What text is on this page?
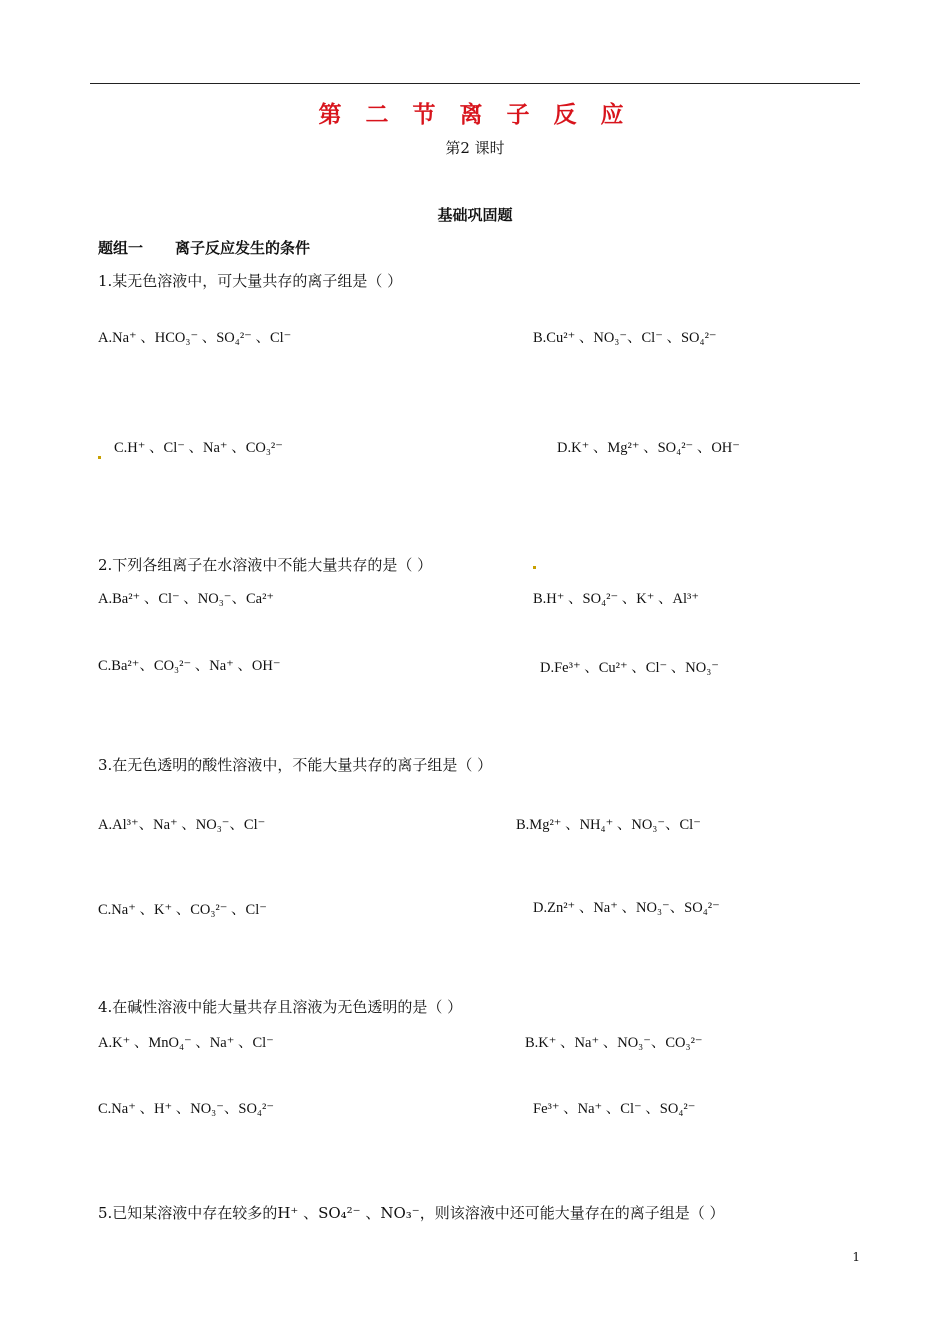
第 二 节 离 子 反 应
第2 课时
基础巩固题
题组一 离子反应发生的条件
1.某无色溶液中，可大量共存的离子组是（ ）
A.Na⁺ 、HCO₃⁻ 、SO₄²⁻ 、Cl⁻	B.Cu²⁺ 、NO₃⁻、Cl⁻ 、SO₄²⁻
C.H⁺ 、Cl⁻ 、Na⁺ 、CO₃²⁻	D.K⁺ 、Mg²⁺ 、SO₄²⁻ 、OH⁻
2.下列各组离子在水溶液中不能大量共存的是（ ）
A.Ba²⁺ 、Cl⁻ 、NO₃⁻、Ca²⁺	B.H⁺ 、SO₄²⁻ 、K⁺ 、Al³⁺
C.Ba²⁺、CO₃²⁻ 、Na⁺ 、OH⁻	D.Fe³⁺ 、Cu²⁺ 、Cl⁻ 、NO₃⁻
3.在无色透明的酸性溶液中，不能大量共存的离子组是（ ）
A.Al³⁺、Na⁺ 、NO₃⁻、Cl⁻	B.Mg²⁺ 、NH₄⁺ 、NO₃⁻、Cl⁻
C.Na⁺ 、K⁺ 、CO₃²⁻ 、Cl⁻	D.Zn²⁺ 、Na⁺ 、NO₃⁻、SO₄²⁻
4.在碱性溶液中能大量共存且溶液为无色透明的是（ ）
A.K⁺ 、MnO₄⁻ 、Na⁺ 、Cl⁻	B.K⁺ 、Na⁺ 、NO₃⁻、CO₃²⁻
C.Na⁺ 、H⁺ 、NO₃⁻、SO₄²⁻	Fe³⁺ 、Na⁺ 、Cl⁻ 、SO₄²⁻
5.已知某溶液中存在较多的H⁺ 、SO₄²⁻ 、NO₃⁻，则该溶液中还可能大量存在的离子组是（ ）
1
